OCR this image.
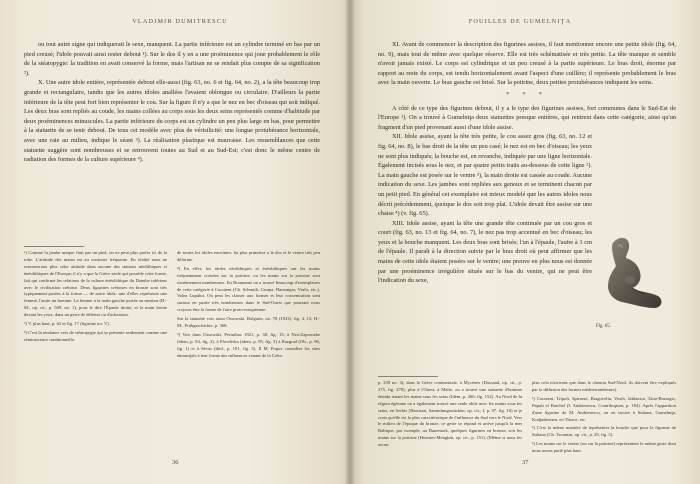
VLADIMIR DUMITRESCU

ou tout autre signe qui indiquerait le sexe, manquent. La partie inférieure est un cylindre terminé en bas par un pied creusé; l'idole pouvait ainsi rester debout ¹). Sur le dos il y en a une proéminence qui jone probablement le rôle de la stéatopygie: la tradition en avait conservé la forme, mais l'artisan ne se rendait plus compte de sa signification ²).

X. Une autre idole entière, représentée debout elle-aussi (fig. 63, no. 6 et fig. 64, no. 2), a la tête beaucoup trop grande et rectangulaire, tandis que les autres idoles anallées l'avaient oblongue ou circulaire. D'ailleurs la partie inférieure de la tête peut fort bien représenter le cou. Sur la figure il n'y a que le nez en bec d'oiseau qui soit indiqué. Les deux bras sont repliés au coude, les mains collées au corps sous les deux seins représentés comme d'habitude par deux proéminences minuscules. La partie inférieure du corps est un cylindre un peu plus large en bas, pour permettre à la statuette de se tenir debout. De tous cet modèle avec plus de vérisilicité: une longue protubérance horizontale, avec une raie au milieu, indique le séant ³). La réalisation plastique est mauvaise. Les ressemblances que cette statuette suggère sont nombreuses et se retrouvent toutes au Sud et au Sud-Est; c'est donc le même centre de radiation des formes de la culture supérieure ⁴).

¹) Comme la jambe unique finit par un pied, on ne peut plus parler ici de la robe. L'attitude des mains est au contraire fréquente. En réalité nous ne retrouverons plus cette attitude dans aucune des stations néolithiques et énéolithiques de l'Europe; il n'y a que la Grèce seule qui possède cette forme, fait qui confirme les relations de la culture énéolithique du Danube inférieur avec le civilisation crétoise. Deux figurines crétoises en bronze sont très typiquement posées à la forme — de notre idole: une d'elles représente une femme, l'autre un homme. La femme a la main gauche portée au menton (H.-M., op. cit., p. 509, no. 1), pour le dire l'Épaule droite, et la main droite devant les yeux, dans un geste de défense ou d'adoration.

²) V. plus haut, p. 63 et fig. 17 (figurine no. V).

³) C'est la tendance vers de stéatopygie qui se présente seulement comme une réminiscence traditionnelle.

de toutes les idoles enceintes. Sa plus primitive a le dos et le ventre très peu déforme.

⁴) En effet, les idoles néolithiques et énéolithiques ont les mains fréquemment croisées sur la poitrine, ou les mains sur la poitrine sont extrêmement nombreuses. En Roumanie on a trouvé beaucoup d'exemplaires de cette catégorie à Cucuteni (Ch. Schmidt, Gruma, Hamangia, Vinča, etc.), Valea Lupului. On peut les classer aux formes et leur concentration sont surtout en partie très nombreuses dans le Sud-Ouest que pourtant nous croyons être la forme de l'aire proto-européenne.

Sur la statuette voir aussi Ossowski, Bulgarie, no. 78 (1923), fig. 4, 15; H.-M., Frühgeschichte, p. 368.

⁵) Voir dans Ossowski, Perinthos 1921, p. 38, fig. 15; à Nea-Zaporozhe (idem, p. 94, fig. 2); à Plovdivka (idem, p. 95, fig. 3) à Razgrad (Ob., p. 96, fig. 1) et à Sèvas (ibid., p. 101, fig. 5). Il M. Popov considère les sites émancipés à leur forme des influences venant de la Crète.

36
FOUILLES DE GUMELNIŢA

XI. Avant de commencer la description des figurines assises, il faut mentionner encore une petite idole (fig. 64, no. 9), mais tout de même avec quelque réserve. Elle est très schématisée et très petite. La tête manque et semble n'avoir jamais existé. Le corps est cylindrique et un peu creusé à la partie supérieure. Le bras droit, énorme par rapport au reste du corps, est tendu horizontalement avant l'aspect d'une cuillère; il représente probablement le bras avec la main ouverte. Le bras gauche est brisé. Sur la poitrine, deux petites protubérances indiquent les seins.

* * *

A côté de ce type des figurines debout, il y a le type des figurines assises, fort communes dans le Sud-Est de l'Europe ¹). On a trouvé à Gumelniţa deux statuettes presque entières, qui rentrent dans cette catégorie, ainsi qu'un fragment d'un pied provenant aussi d'une idole assise.

XII. Idole assise, ayant la tête très petite, le cou assez gros (fig. 63, no. 12 et fig. 64, no. 8), le bas droit de la tête un peu casé; le nez est en bec d'oiseau; les yeux ne sont plus indiqués; la bouche est, en revanche, indiquée par une ligne horizontale. Également incisés sous le nez, et par quatre petits traits au-dessous de cette ligne ²). La main gauche est posée sur le ventre ³), la main droite est cassée au coude. Aucune indication du sexe. Les jambes sont repliées aux genoux et se terminent chacun par un petit pied. En général cet exemplaire est mieux modelé que les autres idoles nous décrit précédemment, quoique le dos soit trop plat. L'idole devait être assise sur une chaise ⁴) (v. fig. 65).

XIII. Idole assise, ayant la tête une grande tête continuée par un cou gros et court (fig. 63, no. 13 et fig. 64, no. 7), le nez pas trop accentué en bec d'oiseau; les yeux et la bouche manquent. Les deux bras sont brisés: l'un à l'épaule, l'autre à 1 cm de l'épaule. Il paraît à la direction suivie par le bras droit où peut affirmer que les mains de cette idole étaient posées sur le ventre; une preuve en plus nous est donnée par une proéminence irrégulière située sur le bas du ventre, qui ne peut être l'indication du sexe,

Fig. 65.

p. 239 no. 3), dans la Grèce continentale, à Mycènes (Dussaud, op. cit., p. 275, fig. 278); plus à l'Ouest, à Malte, on a trouvé une statuette d'homme étendu tenant les mains sous les seins (Idem, p. 266. fig. 152). Au Nord de la région égéenne on a également trouvé une seule idole avec les mains sous les seins, en Serbie (Harrison, Sammlungsstücken, op. cit., I, p. 97, fig. 16) et je crois qu'elle est la plus caractéristique de l'influence du Sud vers le Nord. Vers le milieu de l'époque du bronze, ce geste se répand et arrive jusqu'à la mer Baltique, par exemple, au Danemark, quelques figurines en bronze, soit les mains sur la poitrine (Hoernes-Menghin, op. cit., p. 151). (Même si nous les avons

plus cela n'arrivent que dans le chemin Sud-Nord, ils doivent être expliqués par la diffusion des formes méditerranéennes).

¹) Cucuteni, Tripoli, Spirneni, Bragoveliu, Vinča, Jablanica, Tatar-Bazargic, Papuli et Butchel (I. Andriesescu, Contribuţiuni, p. 184). Après l'apparition d'une figurine de M. Andriesescu, on en trouve à Sultana, Gumelniţa, Kodjadermen, en Thrace, etc.

²) C'est la même manière de représenter la bouche que pour la figurine de Sultana (Ch. Tsountas, op. cit., p. 29, fig. 5).

³) Les mains sur le ventre (ou sur la poitrine) représentent le même geste dont nous avons parlé plus haut.

37
